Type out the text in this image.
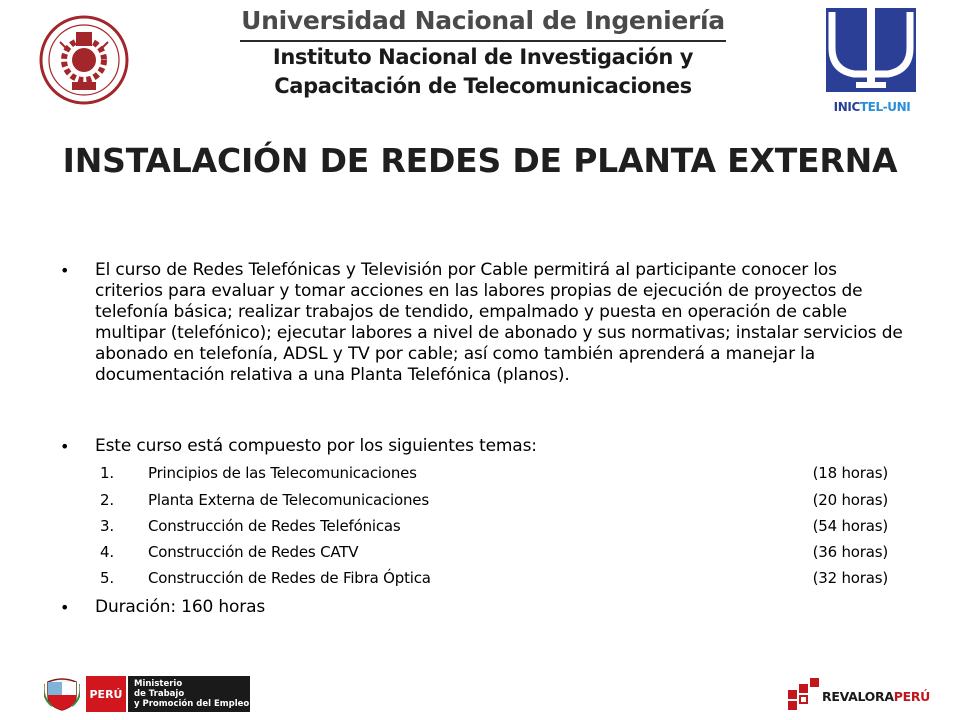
Universidad Nacional de Ingeniería
Instituto Nacional de Investigación y
Capacitación de Telecomunicaciones
INICTEL-UNI
INSTALACIÓN DE REDES DE PLANTA EXTERNA
• El curso de Redes Telefónicas y Televisión por Cable permitirá al participante conocer los criterios para evaluar y tomar acciones en las labores propias de ejecución de proyectos de telefonía básica; realizar trabajos de tendido, empalmado y puesta en operación de cable multipar (telefónico); ejecutar labores a nivel de abonado y sus normativas; instalar servicios de abonado en telefonía, ADSL y TV por cable; así como también aprenderá a manejar la documentación relativa a una Planta Telefónica (planos).
• Este curso está compuesto por los siguientes temas:
1.	Principios de las Telecomunicaciones	(18 horas)
2.	Planta Externa de Telecomunicaciones	(20 horas)
3.	Construcción de Redes Telefónicas	(54 horas)
4.	Construcción de Redes CATV	(36 horas)
5.	Construcción de Redes de Fibra Óptica	(32 horas)
• Duración: 160 horas
PERÚ
Ministerio
de Trabajo
y Promoción del Empleo	REVALORAPERÚ
